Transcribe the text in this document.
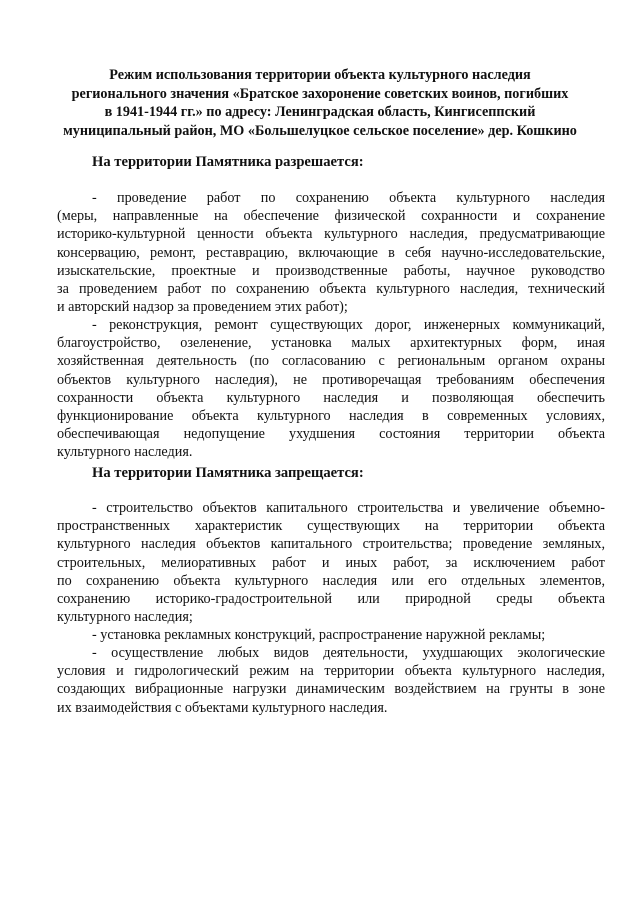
Режим использования территории объекта культурного наследия
регионального значения «Братское захоронение советских воинов, погибших
в 1941-1944 гг.» по адресу: Ленинградская область, Кингисеппский
муниципальный район, МО «Большелуцкое сельское поселение» дер. Кошкино
На территории Памятника разрешается:
- проведение работ по сохранению объекта культурного наследия
(меры, направленные на обеспечение физической сохранности и сохранение
историко-культурной ценности объекта культурного наследия, предусматривающие
консервацию, ремонт, реставрацию, включающие в себя научно-исследовательские,
изыскательские, проектные и производственные работы, научное руководство
за проведением работ по сохранению объекта культурного наследия, технический
и авторский надзор за проведением этих работ);
- реконструкция, ремонт существующих дорог, инженерных коммуникаций,
благоустройство, озеленение, установка малых архитектурных форм, иная
хозяйственная деятельность (по согласованию с региональным органом охраны
объектов культурного наследия), не противоречащая требованиям обеспечения
сохранности объекта культурного наследия и позволяющая обеспечить
функционирование объекта культурного наследия в современных условиях,
обеспечивающая недопущение ухудшения состояния территории объекта
культурного наследия.
На территории Памятника запрещается:
- строительство объектов капитального строительства и увеличение объемно-
пространственных характеристик существующих на территории объекта
культурного наследия объектов капитального строительства; проведение земляных,
строительных, мелиоративных работ и иных работ, за исключением работ
по сохранению объекта культурного наследия или его отдельных элементов,
сохранению историко-градостроительной или природной среды объекта
культурного наследия;
- установка рекламных конструкций, распространение наружной рекламы;
- осуществление любых видов деятельности, ухудшающих экологические
условия и гидрологический режим на территории объекта культурного наследия,
создающих вибрационные нагрузки динамическим воздействием на грунты в зоне
их взаимодействия с объектами культурного наследия.
